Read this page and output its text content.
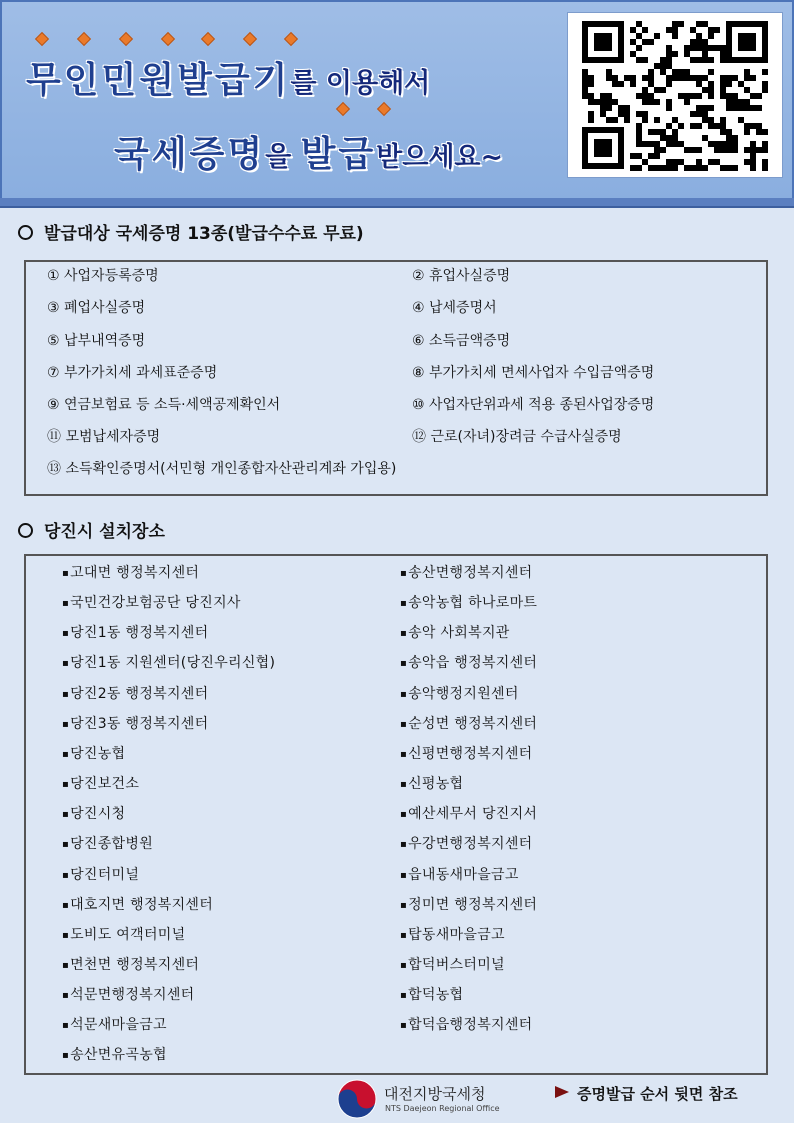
무인민원발급기를 이용해서
국세증명을 발급받으세요~
발급대상 국세증명 13종(발급수수료 무료)
① 사업자등록증명	② 휴업사실증명
③ 폐업사실증명	④ 납세증명서
⑤ 납부내역증명	⑥ 소득금액증명
⑦ 부가가치세 과세표준증명	⑧ 부가가치세 면세사업자 수입금액증명
⑨ 연금보험료 등 소득·세액공제확인서	⑩ 사업자단위과세 적용 종된사업장증명
⑪ 모범납세자증명	⑫ 근로(자녀)장려금 수급사실증명
⑬ 소득확인증명서(서민형 개인종합자산관리계좌 가입용)
당진시 설치장소
▪ 고대면 행정복지센터
▪ 국민건강보험공단 당진지사
▪ 당진1동 행정복지센터
▪ 당진1동 지원센터(당진우리신협)
▪ 당진2동 행정복지센터
▪ 당진3동 행정복지센터
▪ 당진농협
▪ 당진보건소
▪ 당진시청
▪ 당진종합병원
▪ 당진터미널
▪ 대호지면 행정복지센터
▪ 도비도 여객터미널
▪ 면천면 행정복지센터
▪ 석문면행정복지센터
▪ 석문새마을금고
▪ 송산면유곡농협
▪ 송산면행정복지센터
▪ 송악농협 하나로마트
▪ 송악 사회복지관
▪ 송악읍 행정복지센터
▪ 송악행정지원센터
▪ 순성면 행정복지센터
▪ 신평면행정복지센터
▪ 신평농협
▪ 예산세무서 당진지서
▪ 우강면행정복지센터
▪ 읍내동새마을금고
▪ 정미면 행정복지센터
▪ 탑동새마을금고
▪ 합덕버스터미널
▪ 합덕농협
▪ 합덕읍행정복지센터
대전지방국세청
NTS Daejeon Regional Office
증명발급 순서 뒷면 참조
